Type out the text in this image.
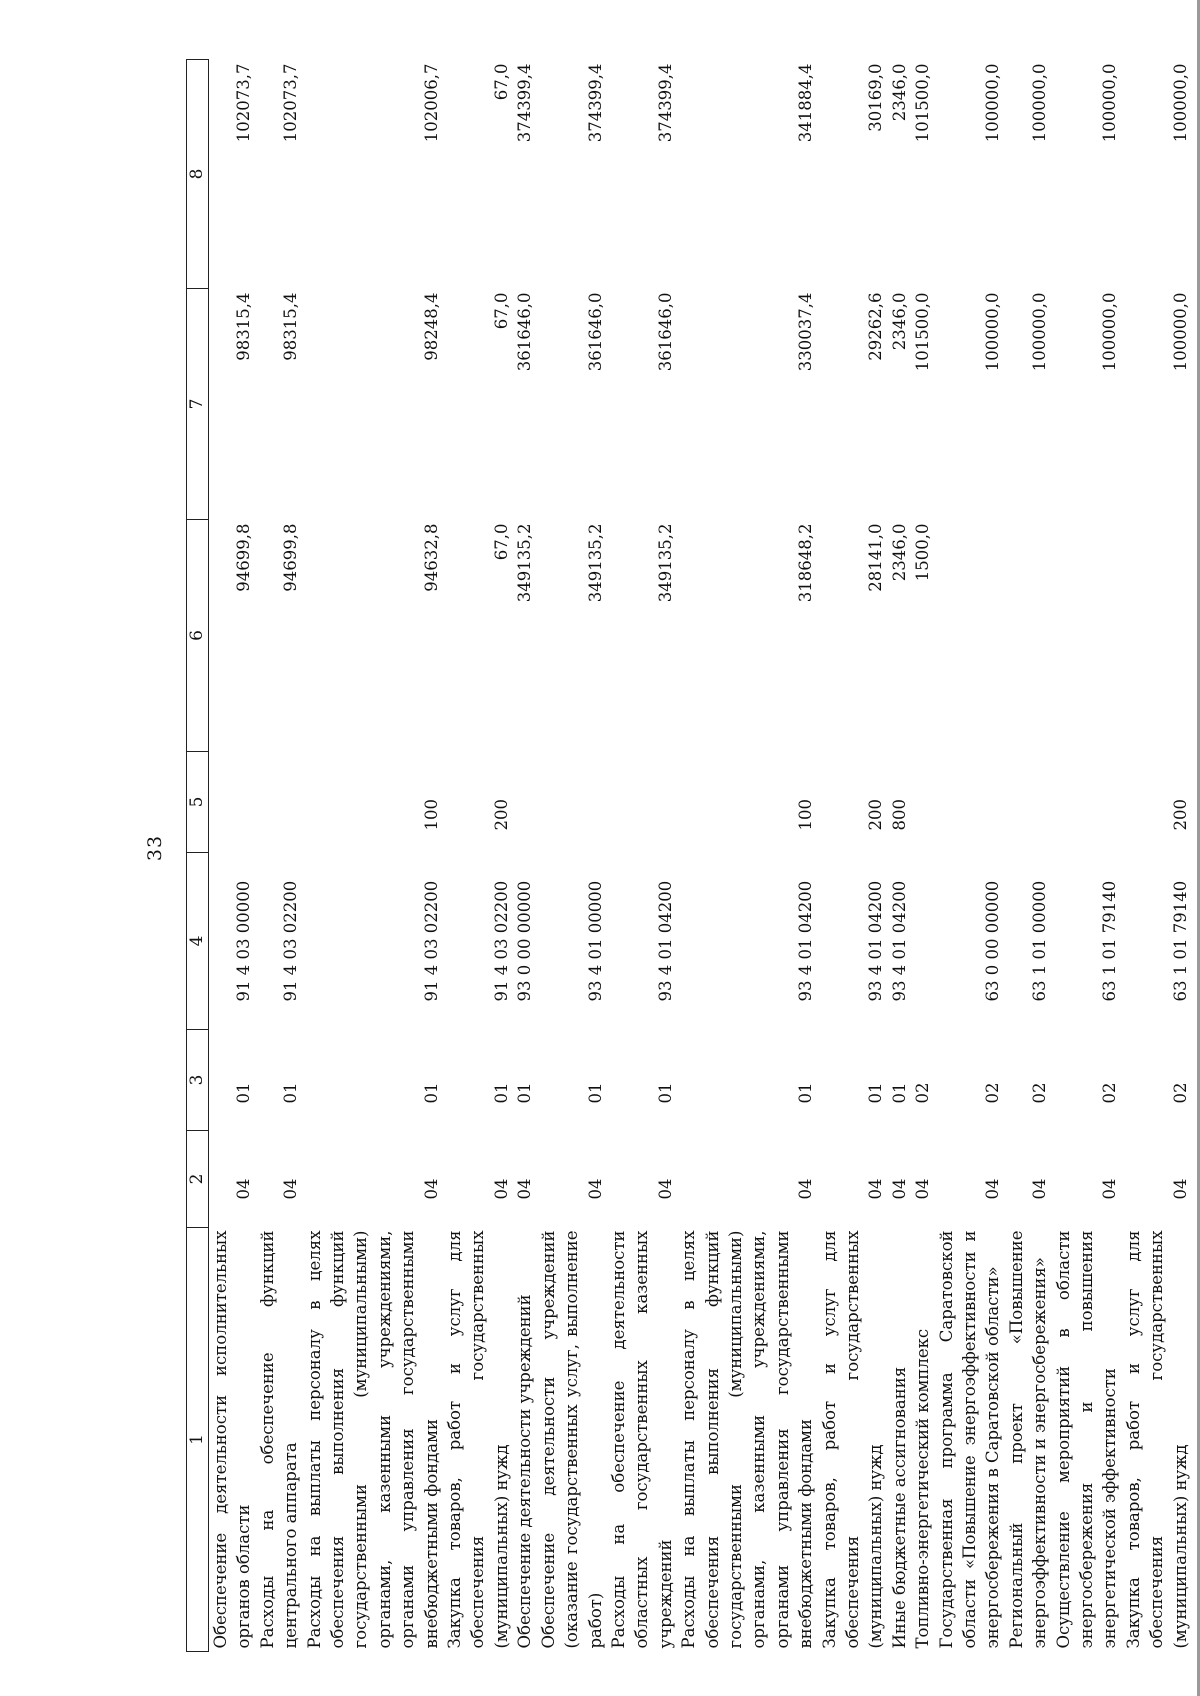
33
1	2	3	4	5	6	7	8
Обеспечение деятельности исполнительных органов области	04	01	91 4 03 00000		94699,8	98315,4	102073,7
Расходы на обеспечение функций центрального аппарата	04	01	91 4 03 02200		94699,8	98315,4	102073,7
Расходы на выплаты персоналу в целях обеспечения выполнения функций государственными (муниципальными) органами, казенными учреждениями, органами управления государственными внебюджетными фондами	04	01	91 4 03 02200	100	94632,8	98248,4	102006,7
Закупка товаров, работ и услуг для обеспечения государственных (муниципальных) нужд	04	01	91 4 03 02200	200	67,0	67,0	67,0
Обеспечение деятельности учреждений	04	01	93 0 00 00000		349135,2	361646,0	374399,4
Обеспечение деятельности учреждений (оказание государственных услуг, выполнение работ)	04	01	93 4 01 00000		349135,2	361646,0	374399,4
Расходы на обеспечение деятельности областных государственных казенных учреждений	04	01	93 4 01 04200		349135,2	361646,0	374399,4
Расходы на выплаты персоналу в целях обеспечения выполнения функций государственными (муниципальными) органами, казенными учреждениями, органами управления государственными внебюджетными фондами	04	01	93 4 01 04200	100	318648,2	330037,4	341884,4
Закупка товаров, работ и услуг для обеспечения государственных (муниципальных) нужд	04	01	93 4 01 04200	200	28141,0	29262,6	30169,0
Иные бюджетные ассигнования	04	01	93 4 01 04200	800	2346,0	2346,0	2346,0
Топливно-энергетический комплекс	04	02			1500,0	101500,0	101500,0
Государственная программа Саратовской области «Повышение энергоэффективности и энергосбережения в Саратовской области»	04	02	63 0 00 00000			100000,0	100000,0
Региональный проект «Повышение энергоэффективности и энергосбережения»	04	02	63 1 01 00000			100000,0	100000,0
Осуществление мероприятий в области энергосбережения и повышения энергетической эффективности	04	02	63 1 01 79140			100000,0	100000,0
Закупка товаров, работ и услуг для обеспечения государственных (муниципальных) нужд	04	02	63 1 01 79140	200		100000,0	100000,0
